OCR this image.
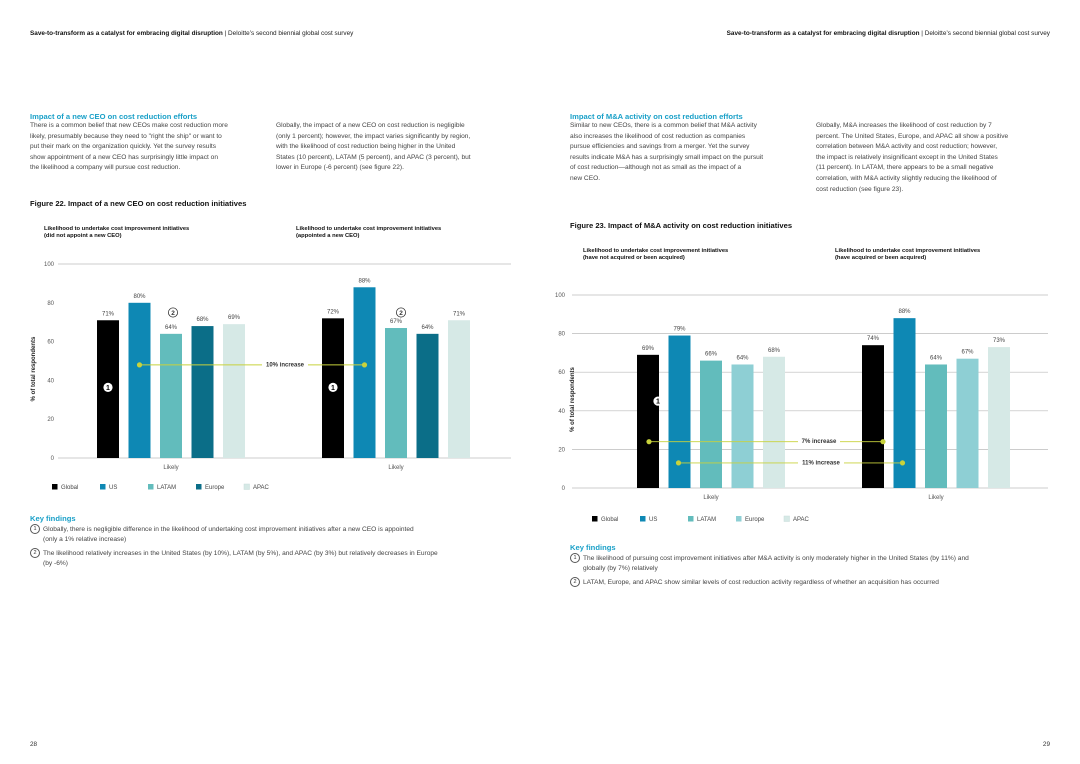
Save-to-transform as a catalyst for embracing digital disruption | Deloitte’s second biennial global cost survey
Impact of a new CEO on cost reduction efforts
There is a common belief that new CEOs make cost reduction more
likely, presumably because they need to "right the ship" or want to
put their mark on the organization quickly. Yet the survey results
show appointment of a new CEO has surprisingly little impact on
the likelihood a company will pursue cost reduction.
Globally, the impact of a new CEO on cost reduction is negligible
(only 1 percent); however, the impact varies significantly by region,
with the likelihood of cost reduction being higher in the United
States (10 percent), LATAM (5 percent), and APAC (3 percent), but
lower in Europe (-6 percent) (see figure 22).
Figure 22. Impact of a new CEO on cost reduction initiatives
Likelihood to undertake cost improvement initiatives
(did not appoint a new CEO)
Likelihood to undertake cost improvement initiatives
(appointed a new CEO)
0
20
40
60
80
100
% of total respondents
71%
80%
64%
68%	69%
Likely
72%
88%
67%
64%
71%
Likely
Global	US	LATAM	Europe	APAC
10% increase
1
2
1
2
Key findings
1 Globally, there is negligible difference in the likelihood of undertaking cost improvement initiatives after a new CEO is appointed
(only a 1% relative increase)
2 The likelihood relatively increases in the United States (by 10%), LATAM (by 5%), and APAC (by 3%) but relatively decreases in Europe
(by -6%)
28
Save-to-transform as a catalyst for embracing digital disruption | Deloitte’s second biennial global cost survey
Impact of M&A activity on cost reduction efforts
Similar to new CEOs, there is a common belief that M&A activity
also increases the likelihood of cost reduction as companies
pursue efficiencies and savings from a merger. Yet the survey
results indicate M&A has a surprisingly small impact on the pursuit
of cost reduction—although not as small as the impact of a
new CEO.
Globally, M&A increases the likelihood of cost reduction by 7
percent. The United States, Europe, and APAC all show a positive
correlation between M&A activity and cost reduction; however,
the impact is relatively insignificant except in the United States
(11 percent). In LATAM, there appears to be a small negative
correlation, with M&A activity slightly reducing the likelihood of
cost reduction (see figure 23).
Figure 23. Impact of M&A activity on cost reduction initiatives
Likelihood to undertake cost improvement initiatives
(have not acquired or been acquired)
Likelihood to undertake cost improvement initiatives
(have acquired or been acquired)
0
20
40
60
80
100
% of total respondents
69%
79%
66%
64%
68%
Likely
74%
88%
64%
67%
73%
Likely
Global	US	LATAM	Europe	APAC
7% increase
11% increase
1
Key findings
1 The likelihood of pursuing cost improvement initiatives after M&A activity is only moderately higher in the United States (by 11%) and
globally (by 7%) relatively
2 LATAM, Europe, and APAC show similar levels of cost reduction activity regardless of whether an acquisition has occurred
29
